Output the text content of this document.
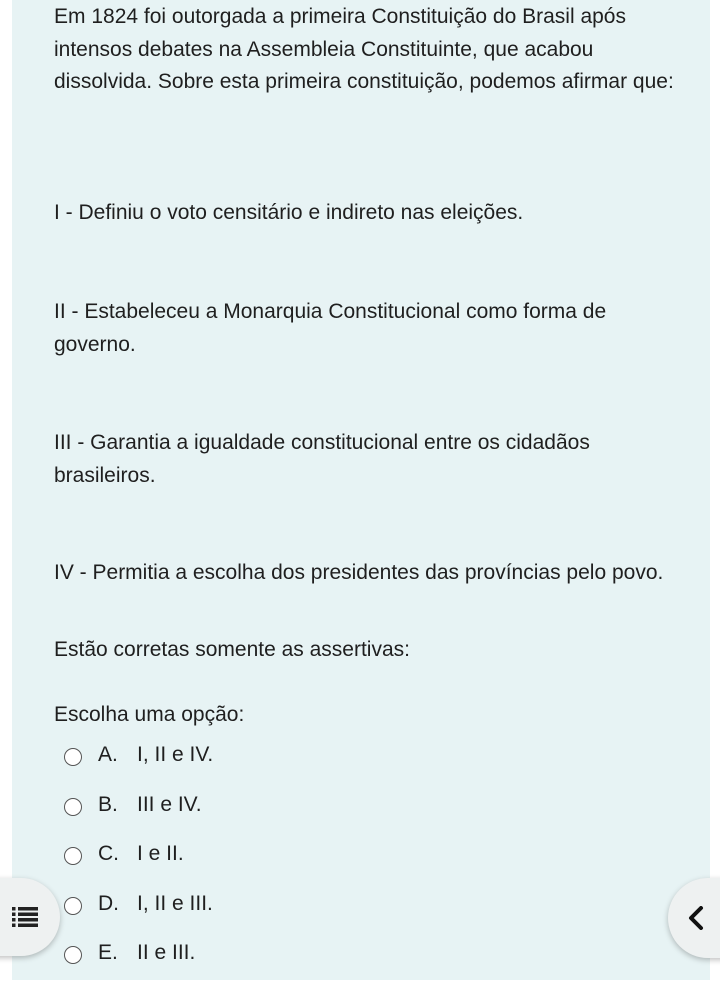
Em 1824 foi outorgada a primeira Constituição do Brasil após intensos debates na Assembleia Constituinte, que acabou dissolvida. Sobre esta primeira constituição, podemos afirmar que:

I - Definiu o voto censitário e indireto nas eleições.

II - Estabeleceu a Monarquia Constitucional como forma de governo.

III - Garantia a igualdade constitucional entre os cidadãos brasileiros.

IV - Permitia a escolha dos presidentes das províncias pelo povo.

Estão corretas somente as assertivas:

Escolha uma opção:

A. I, II e IV.
B. III e IV.
C. I e II.
D. I, II e III.
E. II e III.
